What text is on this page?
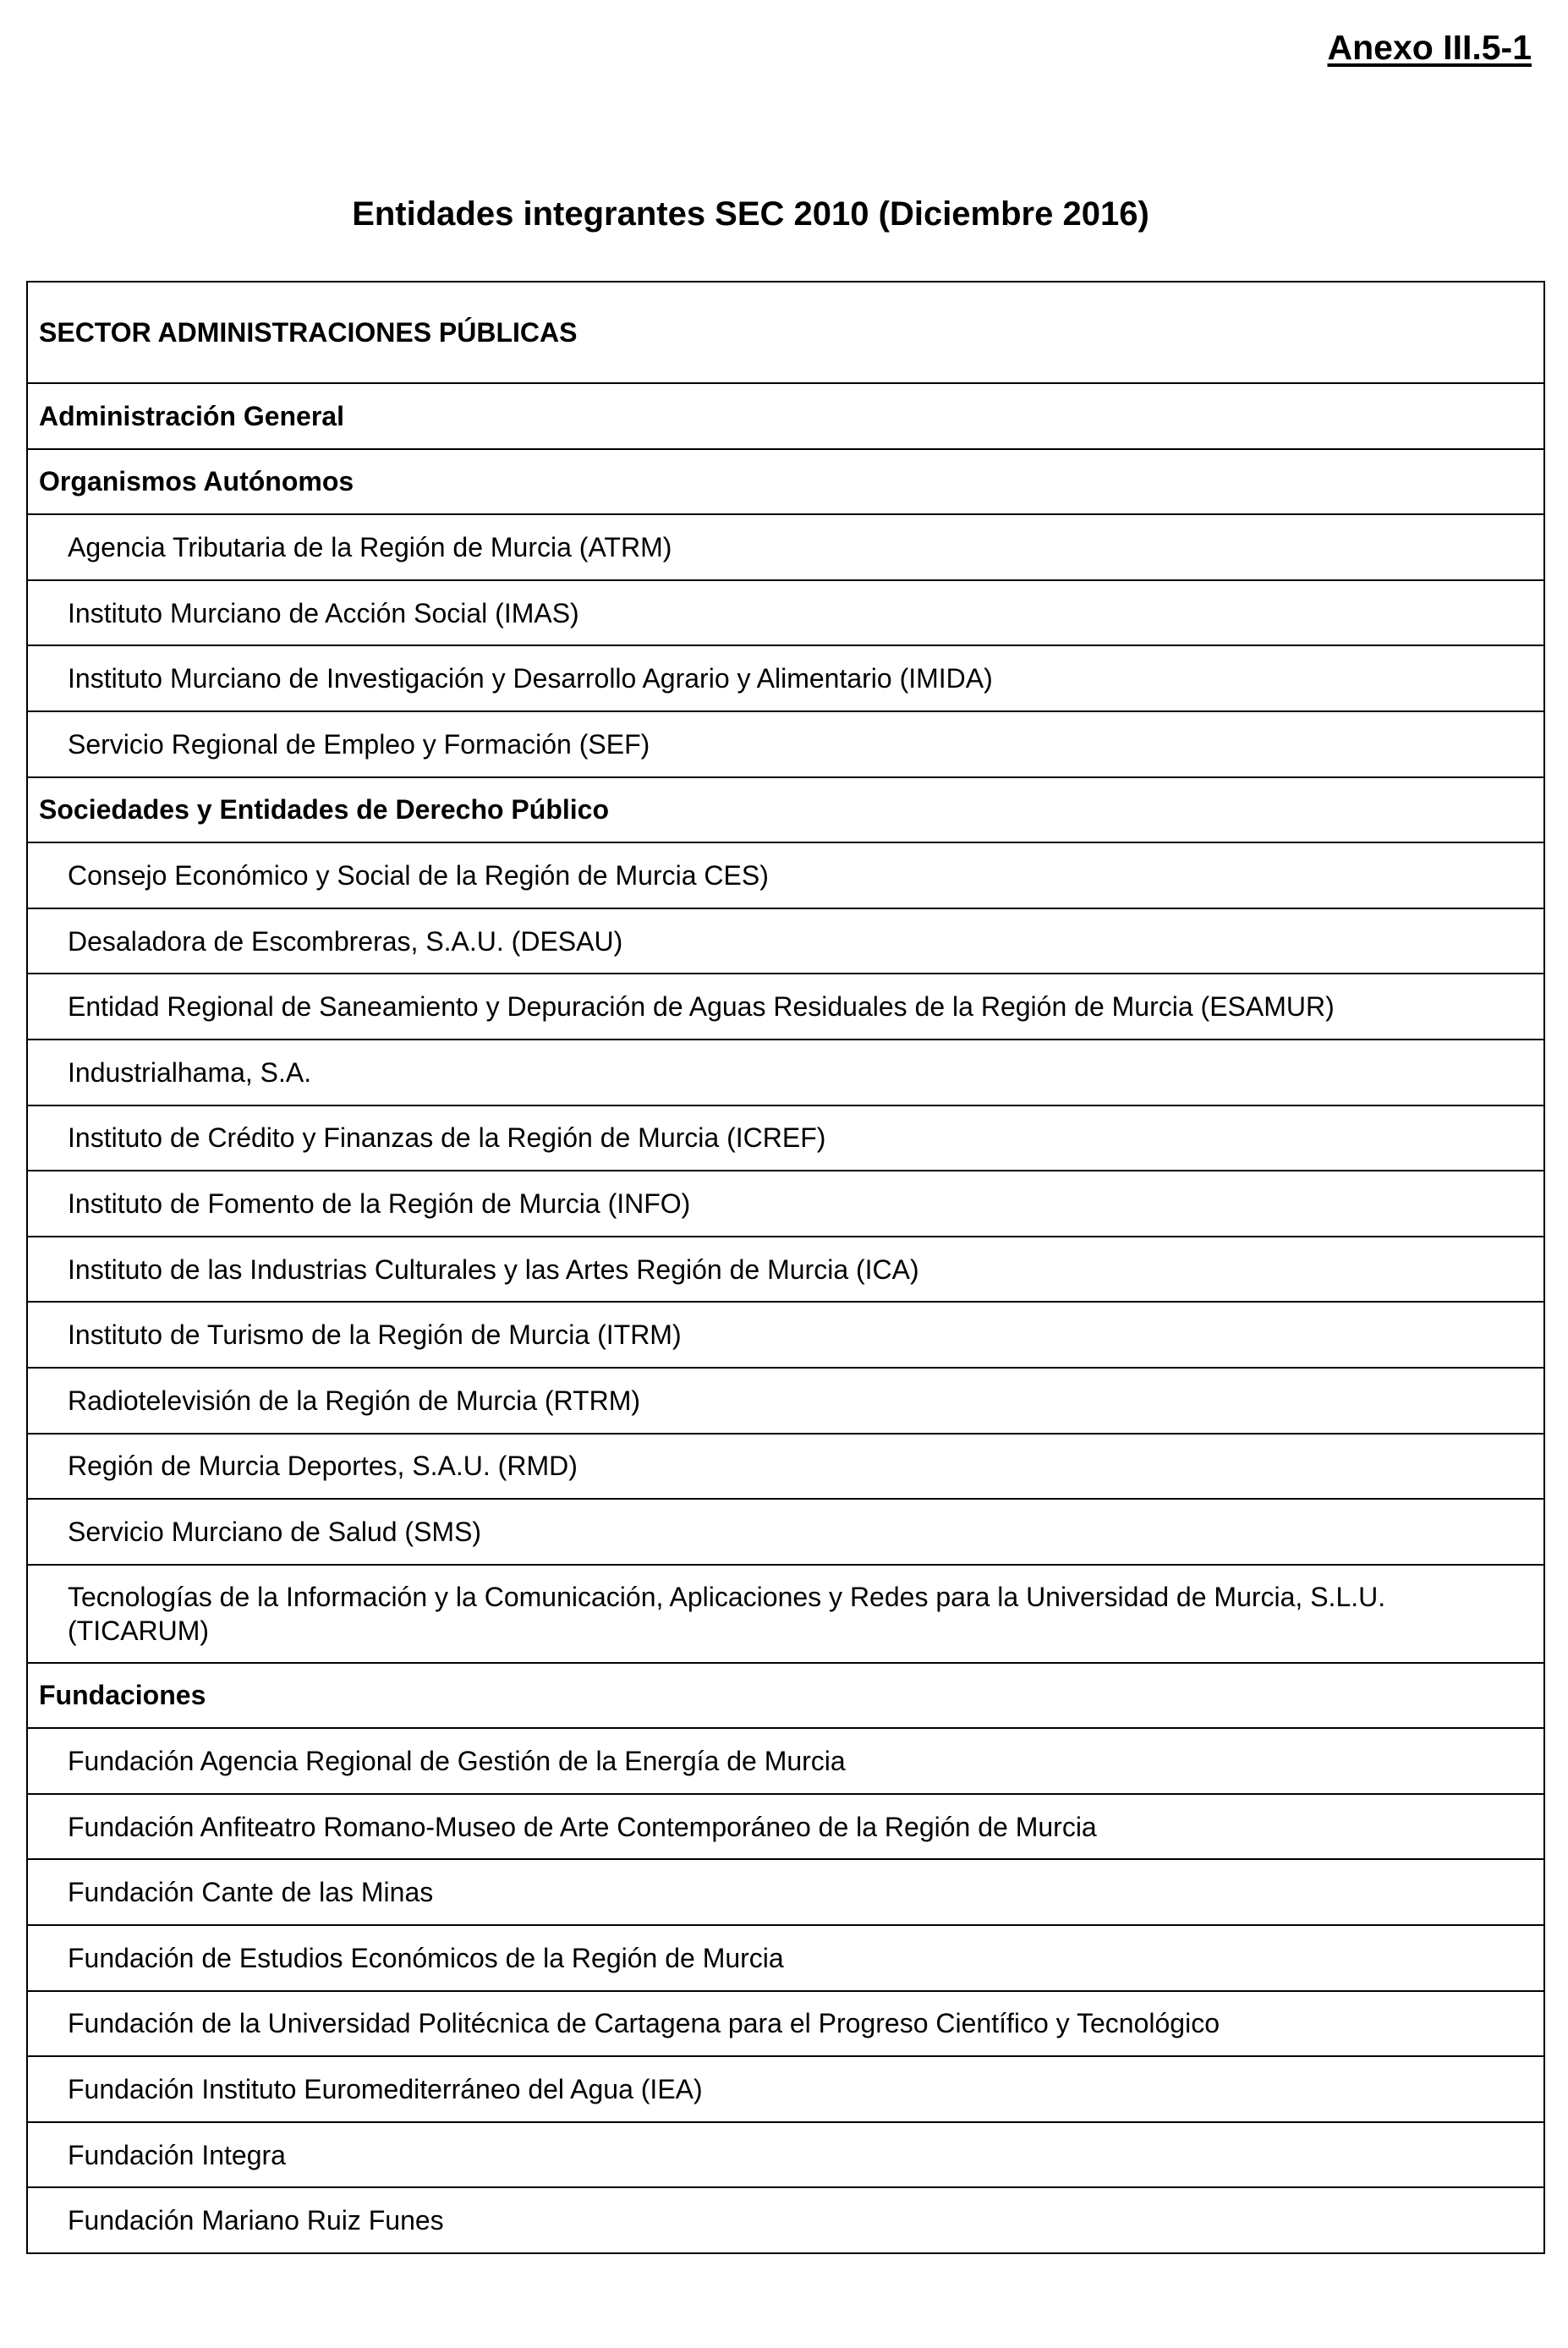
Anexo III.5-1
Entidades integrantes SEC 2010 (Diciembre 2016)
SECTOR ADMINISTRACIONES PÚBLICAS
Administración General
Organismos Autónomos
Agencia Tributaria de la Región de Murcia (ATRM)
Instituto Murciano de Acción Social (IMAS)
Instituto Murciano de Investigación y Desarrollo Agrario y Alimentario (IMIDA)
Servicio Regional de Empleo y Formación (SEF)
Sociedades y Entidades de Derecho Público
Consejo Económico y Social de la Región de Murcia CES)
Desaladora de Escombreras, S.A.U. (DESAU)
Entidad Regional de Saneamiento y Depuración de Aguas Residuales de la Región de Murcia (ESAMUR)
Industrialhama, S.A.
Instituto de Crédito y Finanzas de la Región de Murcia (ICREF)
Instituto de Fomento de la Región de Murcia (INFO)
Instituto de las Industrias Culturales y las Artes Región de Murcia (ICA)
Instituto de Turismo de la Región de Murcia (ITRM)
Radiotelevisión de la Región de Murcia (RTRM)
Región de Murcia Deportes, S.A.U. (RMD)
Servicio Murciano de Salud (SMS)
Tecnologías de la Información y la Comunicación, Aplicaciones y Redes para la Universidad de Murcia, S.L.U. (TICARUM)
Fundaciones
Fundación Agencia Regional de Gestión de la Energía de Murcia
Fundación Anfiteatro Romano-Museo de Arte Contemporáneo de la Región de Murcia
Fundación Cante de las Minas
Fundación de Estudios Económicos de la Región de Murcia
Fundación de la Universidad Politécnica de Cartagena para el Progreso Científico y Tecnológico
Fundación Instituto Euromediterráneo del Agua (IEA)
Fundación Integra
Fundación Mariano Ruiz Funes
